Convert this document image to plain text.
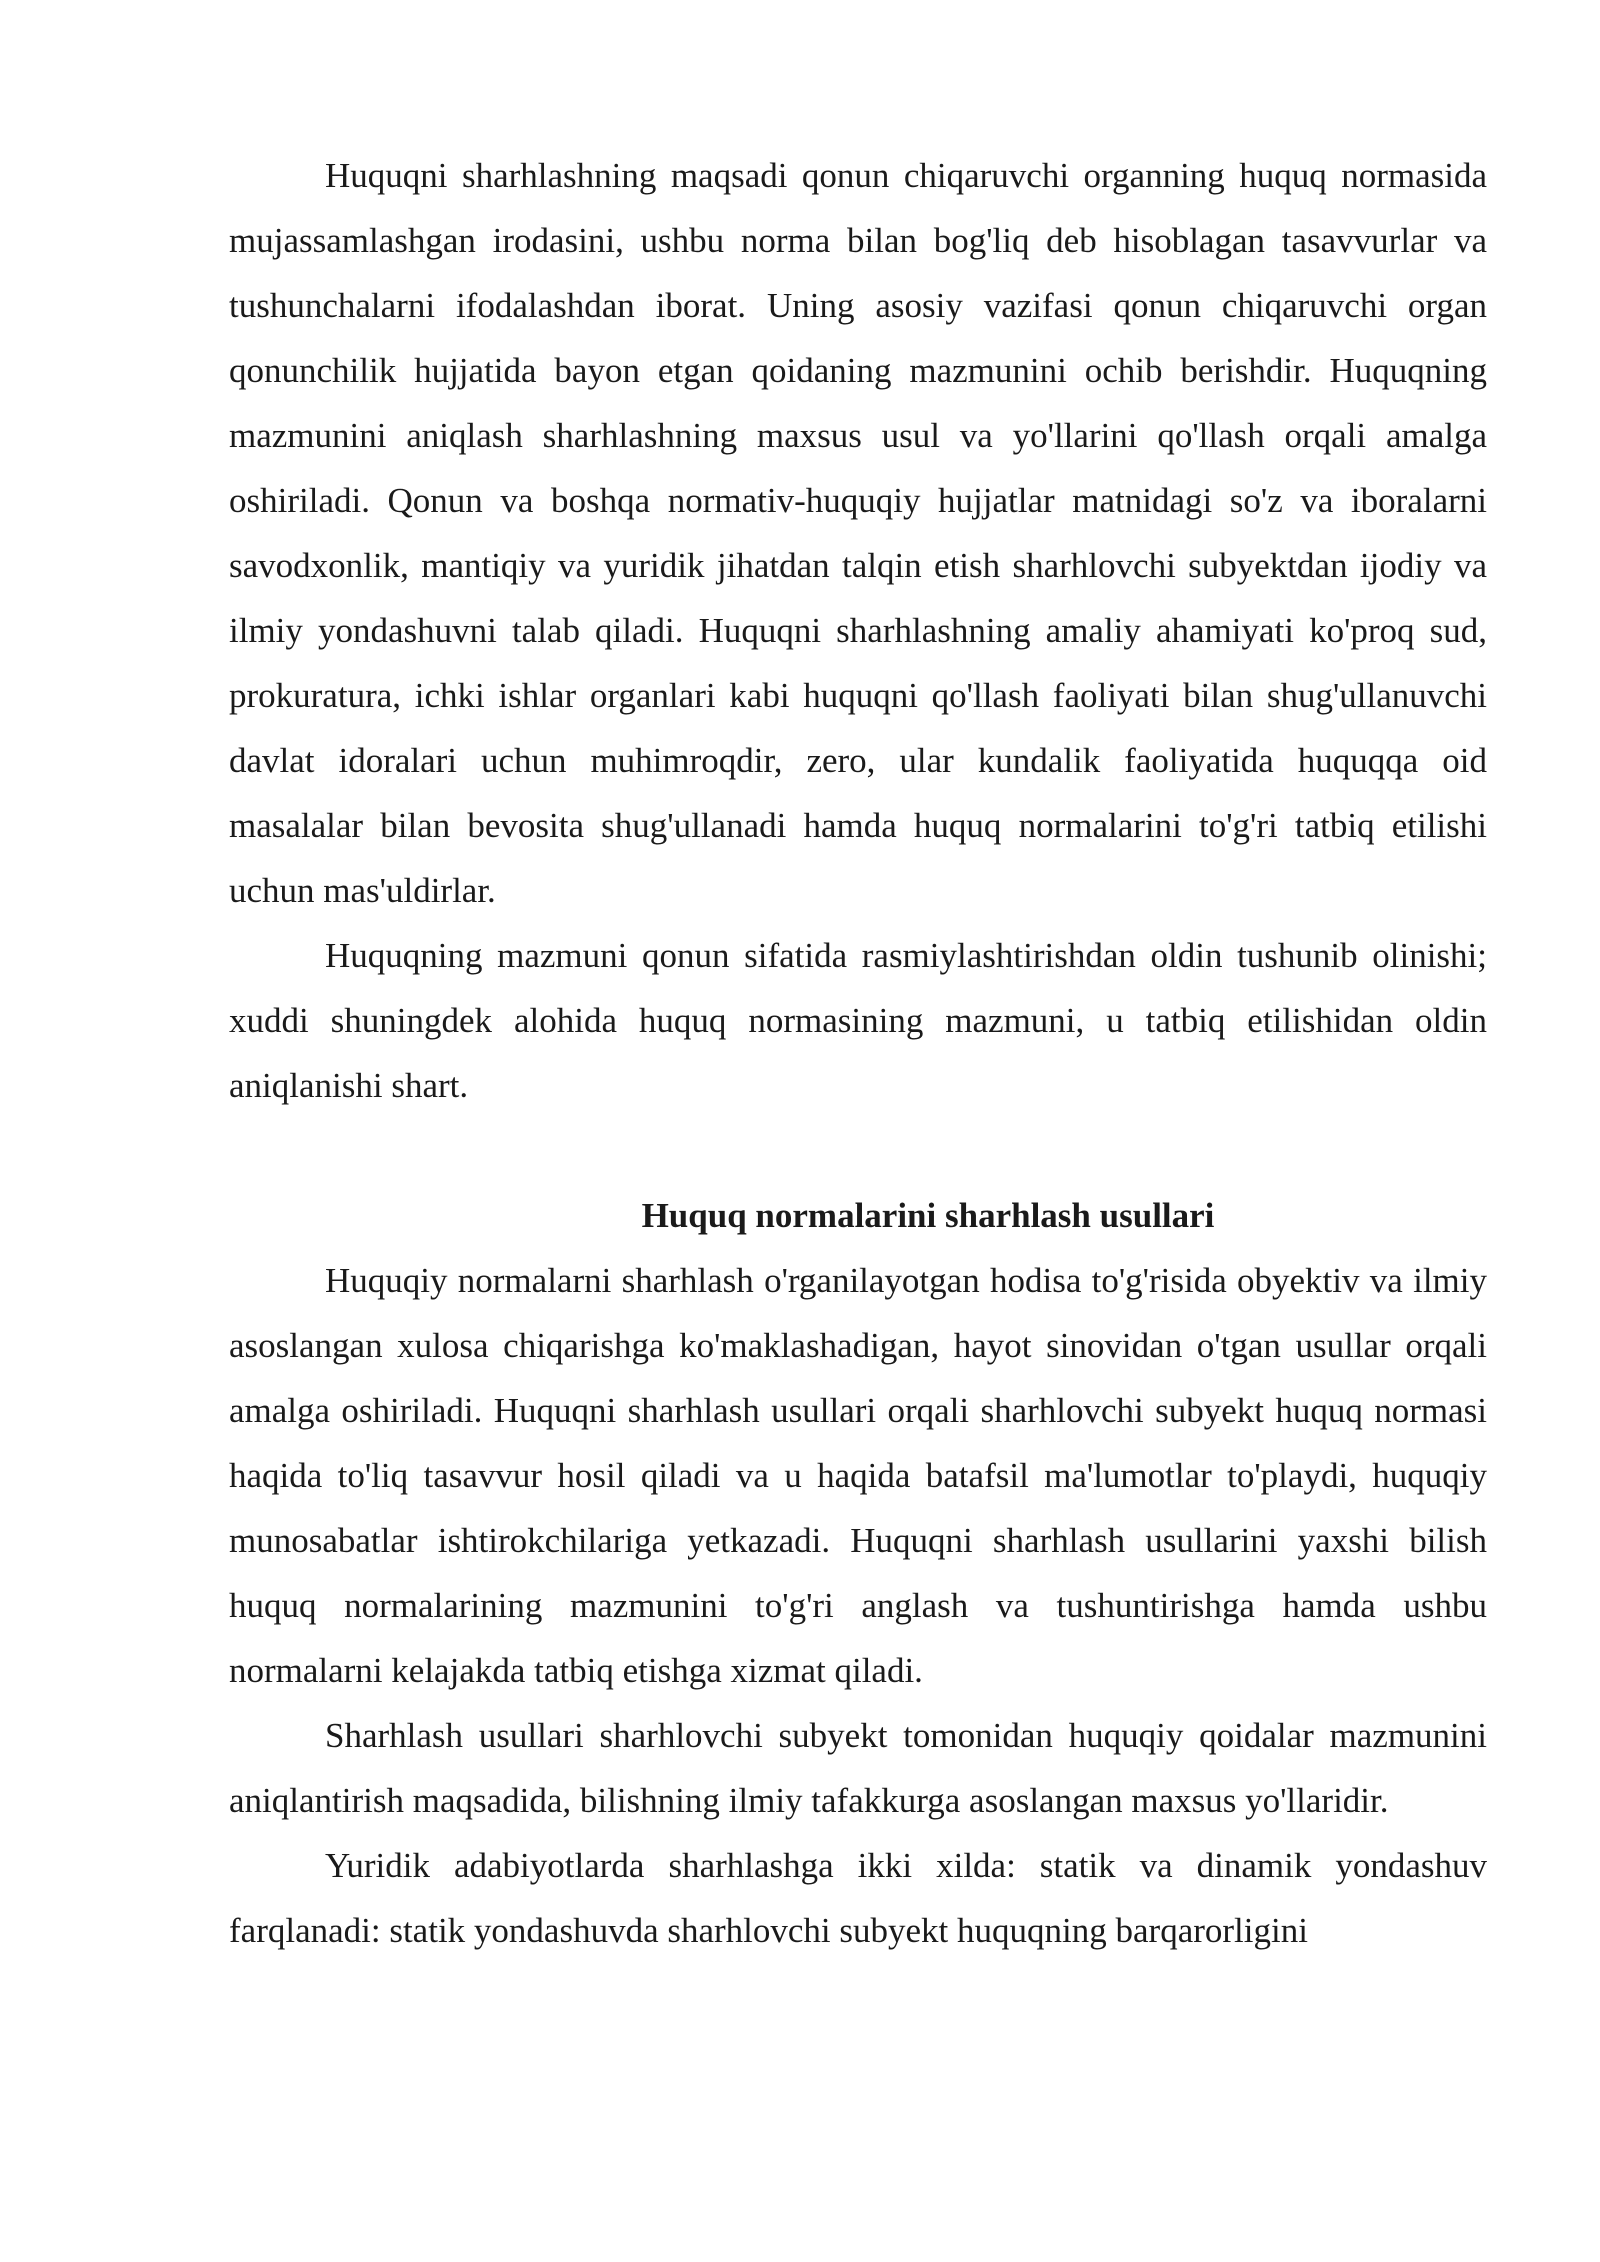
Huquqni sharhlashning maqsadi qonun chiqaruvchi organning huquq normasida mujassamlashgan irodasini, ushbu norma bilan bog'liq deb hisoblagan tasavvurlar va tushunchalarni ifodalashdan iborat. Uning asosiy vazifasi qonun chiqaruvchi organ qonunchilik hujjatida bayon etgan qoidaning mazmunini ochib berishdir. Huquqning mazmunini aniqlash sharhlashning maxsus usul va yo'llarini qo'llash orqali amalga oshiriladi. Qonun va boshqa normativ-huquqiy hujjatlar matnidagi so'z va iboralarni savodxonlik, mantiqiy va yuridik jihatdan talqin etish sharhlovchi subyektdan ijodiy va ilmiy yondashuvni talab qiladi. Huquqni sharhlashning amaliy ahamiyati ko'proq sud, prokuratura, ichki ishlar organlari kabi huquqni qo'llash faoliyati bilan shug'ullanuvchi davlat idoralari uchun muhimroqdir, zero, ular kundalik faoliyatida huquqqa oid masalalar bilan bevosita shug'ullanadi hamda huquq normalarini to'g'ri tatbiq etilishi uchun mas'uldirlar.

Huquqning mazmuni qonun sifatida rasmiylashtirishdan oldin tushunib olinishi; xuddi shuningdek alohida huquq normasining mazmuni, u tatbiq etilishidan oldin aniqlanishi shart.

Huquq normalarini sharhlash usullari

Huquqiy normalarni sharhlash o'rganilayotgan hodisa to'g'risida obyektiv va ilmiy asoslangan xulosa chiqarishga ko'maklashadigan, hayot sinovidan o'tgan usullar orqali amalga oshiriladi. Huquqni sharhlash usullari orqali sharhlovchi subyekt huquq normasi haqida to'liq tasavvur hosil qiladi va u haqida batafsil ma'lumotlar to'playdi, huquqiy munosabatlar ishtirokchilariga yetkazadi. Huquqni sharhlash usullarini yaxshi bilish huquq normalarining mazmunini to'g'ri anglash va tushuntirishga hamda ushbu normalarni kelajakda tatbiq etishga xizmat qiladi.

Sharhlash usullari sharhlovchi subyekt tomonidan huquqiy qoidalar mazmunini aniqlantirish maqsadida, bilishning ilmiy tafakkurga asoslangan maxsus yo'llaridir.

Yuridik adabiyotlarda sharhlashga ikki xilda: statik va dinamik yondashuv farqlanadi: statik yondashuvda sharhlovchi subyekt huquqning barqarorligini
